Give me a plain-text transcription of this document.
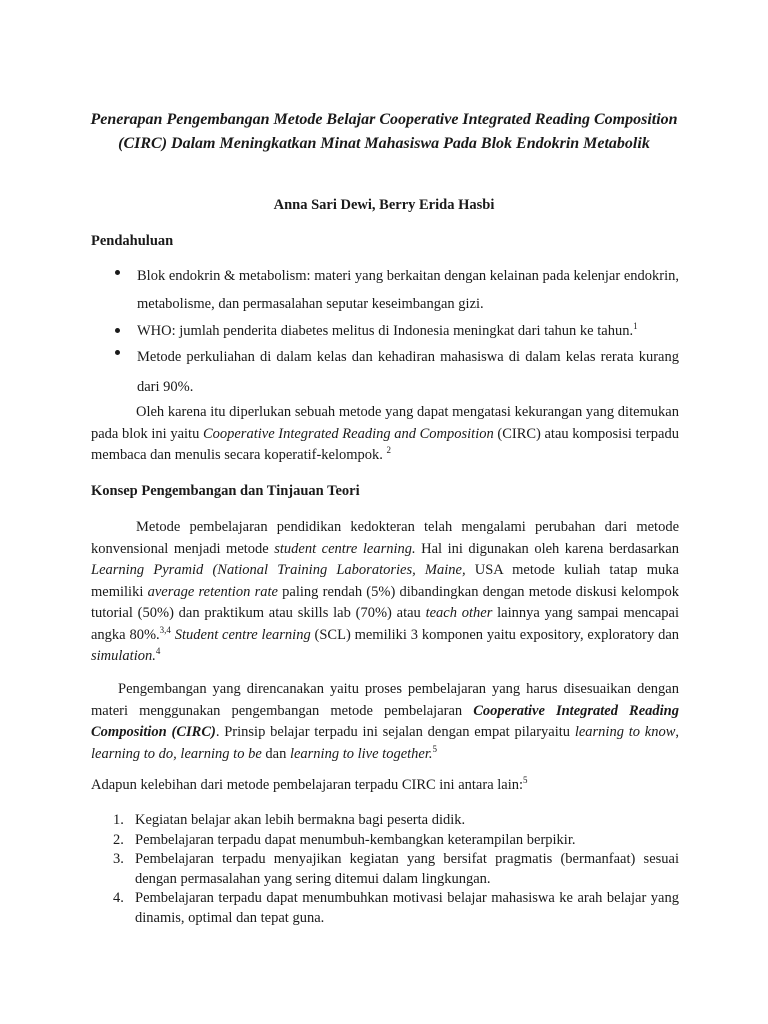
Penerapan Pengembangan Metode Belajar Cooperative Integrated Reading Composition (CIRC) Dalam Meningkatkan Minat Mahasiswa Pada Blok Endokrin Metabolik

Anna Sari Dewi, Berry Erida Hasbi

Pendahuluan
Blok endokrin & metabolism: materi yang berkaitan dengan kelainan pada kelenjar endokrin, metabolisme, dan permasalahan seputar keseimbangan gizi.
WHO: jumlah penderita diabetes melitus di Indonesia meningkat dari tahun ke tahun.$^1$
Metode perkuliahan di dalam kelas dan kehadiran mahasiswa di dalam kelas rerata kurang dari 90%.

Oleh karena itu diperlukan sebuah metode yang dapat mengatasi kekurangan yang ditemukan pada blok ini yaitu Cooperative Integrated Reading and Composition (CIRC) atau komposisi terpadu membaca dan menulis secara koperatif-kelompok. $^2$

Konsep Pengembangan dan Tinjauan Teori

Metode pembelajaran pendidikan kedokteran telah mengalami perubahan dari metode konvensional menjadi metode student centre learning. Hal ini digunakan oleh karena berdasarkan Learning Pyramid (National Training Laboratories, Maine, USA metode kuliah tatap muka memiliki average retention rate paling rendah (5%) dibandingkan dengan metode diskusi kelompok tutorial (50%) dan praktikum atau skills lab (70%) atau teach other lainnya yang sampai mencapai angka 80%.$^{3,4}$ Student centre learning (SCL) memiliki 3 komponen yaitu expository, exploratory dan simulation.$^4$

Pengembangan yang direncanakan yaitu proses pembelajaran yang harus disesuaikan dengan materi menggunakan pengembangan metode pembelajaran Cooperative Integrated Reading Composition (CIRC). Prinsip belajar terpadu ini sejalan dengan empat pilaryaitu learning to know, learning to do, learning to be dan learning to live together.$^5$

Adapun kelebihan dari metode pembelajaran terpadu CIRC ini antara lain:$^5$

1. Kegiatan belajar akan lebih bermakna bagi peserta didik.
2. Pembelajaran terpadu dapat menumbuh-kembangkan keterampilan berpikir.
3. Pembelajaran terpadu menyajikan kegiatan yang bersifat pragmatis (bermanfaat) sesuai dengan permasalahan yang sering ditemui dalam lingkungan.
4. Pembelajaran terpadu dapat menumbuhkan motivasi belajar mahasiswa ke arah belajar yang dinamis, optimal dan tepat guna.
